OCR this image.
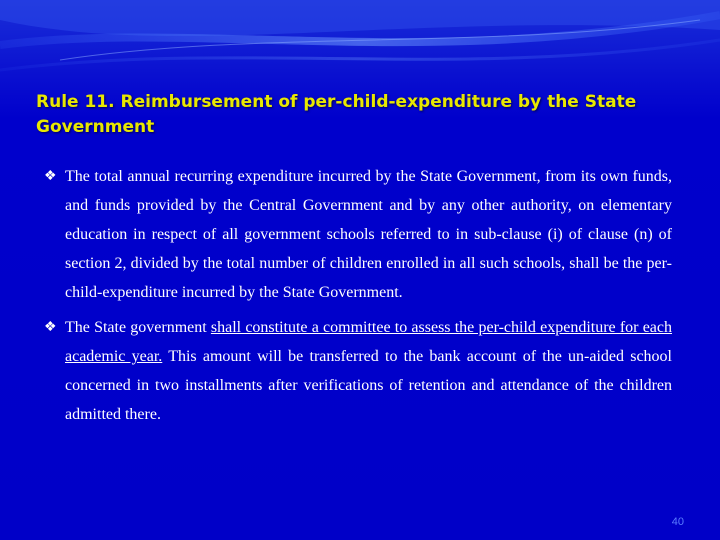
Rule 11. Reimbursement of per-child-expenditure by the State Government

❖ The total annual recurring expenditure incurred by the State Government, from its own funds, and funds provided by the Central Government and by any other authority, on elementary education in respect of all government schools referred to in sub-clause (i) of clause (n) of section 2, divided by the total number of children enrolled in all such schools, shall be the per-child-expenditure incurred by the State Government.

❖ The State government shall constitute a committee to assess the per-child expenditure for each academic year. This amount will be transferred to the bank account of the un-aided school concerned in two installments after verifications of retention and attendance of the children admitted there.

40
